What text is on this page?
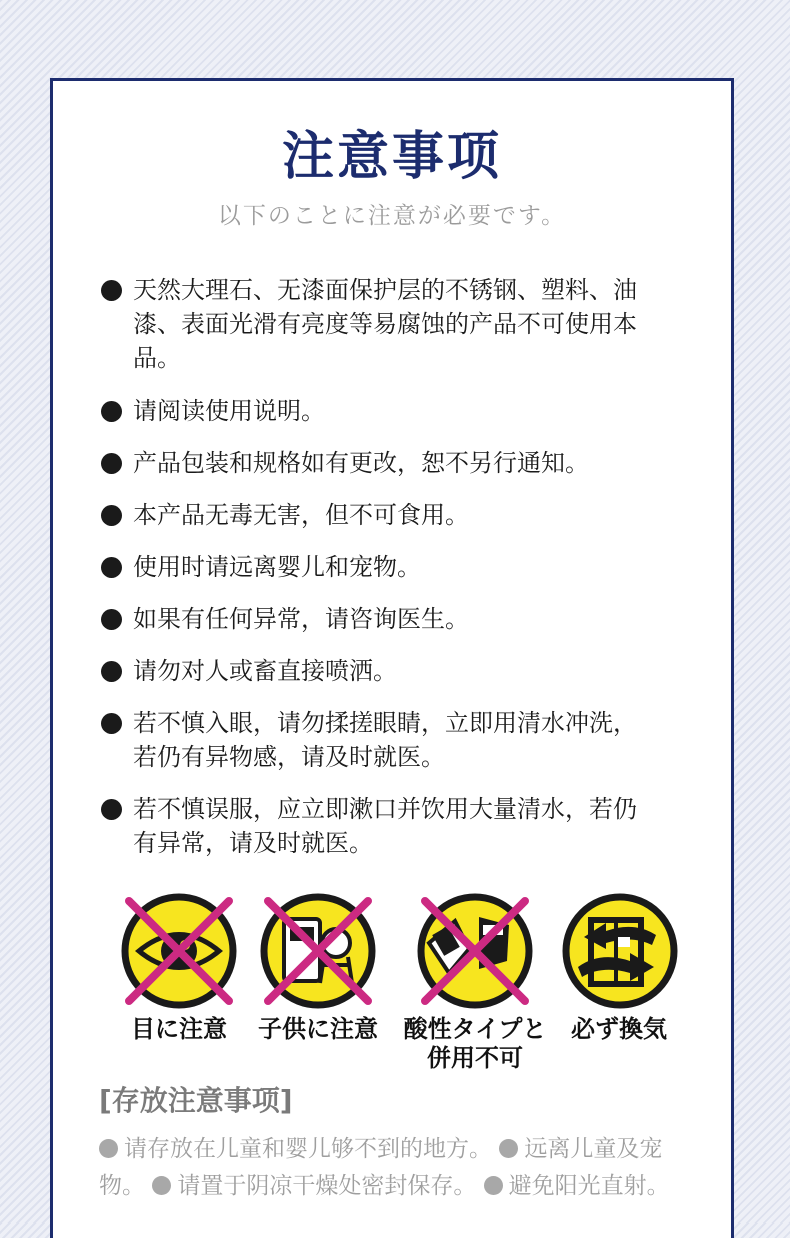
注意事项
以下のことに注意が必要です。
天然大理石、无漆面保护层的不锈钢、塑料、油
漆、表面光滑有亮度等易腐蚀的产品不可使用本
品。
请阅读使用说明。
产品包装和规格如有更改，恕不另行通知。
本产品无毒无害，但不可食用。
使用时请远离婴儿和宠物。
如果有任何异常，请咨询医生。
请勿对人或畜直接喷洒。
若不慎入眼，请勿揉搓眼睛，立即用清水冲洗，
若仍有异物感，请及时就医。
若不慎误服，应立即漱口并饮用大量清水，若仍
有异常，请及时就医。
目に注意	子供に注意	酸性タイプと
併用不可
必ず換気
[存放注意事项]
请存放在儿童和婴儿够不到的地方。 远离儿童及宠物。 请置于阴凉干燥处密封保存。 避免阳光直射。
